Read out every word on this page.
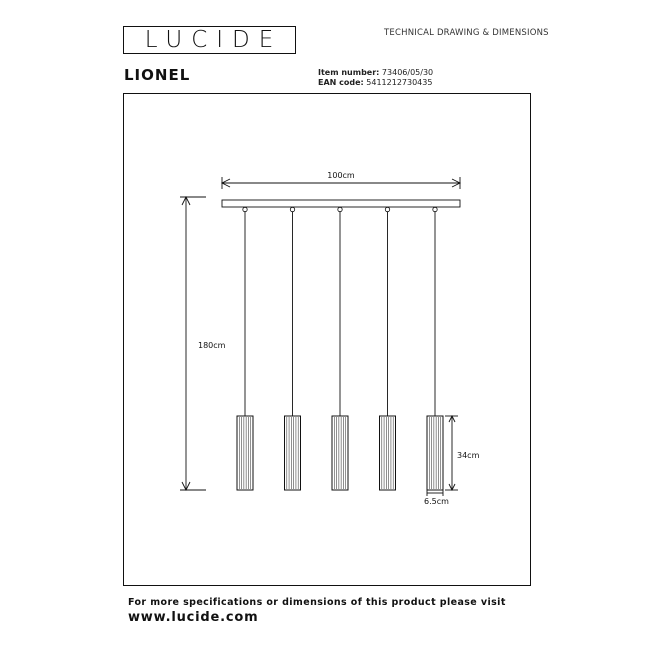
LUCIDE	TECHNICAL DRAWING & DIMENSIONS
LIONEL	Item number: 73406/05/30
EAN code: 5411212730435
100cm
180cm
34cm
6.5cm
For more specifications or dimensions of this product please visit
www.lucide.com
